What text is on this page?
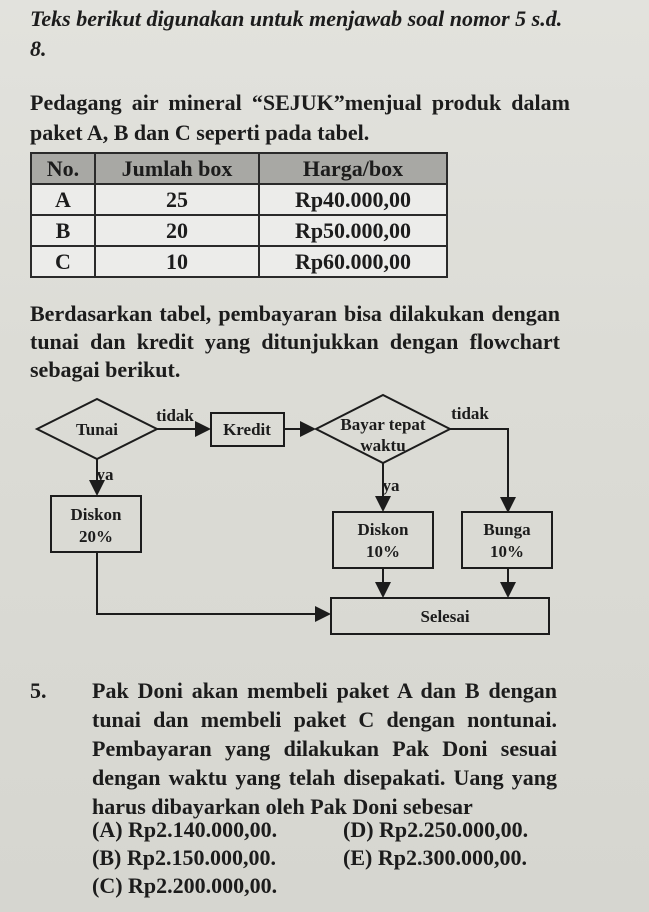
Teks berikut digunakan untuk menjawab soal nomor 5 s.d. 8.
Pedagang air mineral “SEJUK”menjual produk dalam paket A, B dan C seperti pada tabel.
No.	Jumlah box	Harga/box
A	25	Rp40.000,00
B	20	Rp50.000,00
C	10	Rp60.000,00
Berdasarkan tabel, pembayaran bisa dilakukan dengan tunai dan kredit yang ditunjukkan dengan flowchart sebagai berikut.
Tunai
tidak
Kredit	Bayar tepat
waktu
tidak
ya
ya
Diskon
20%	Diskon
10%
Bunga
10%
Selesai
5. Pak Doni akan membeli paket A dan B dengan tunai dan membeli paket C dengan nontunai. Pembayaran yang dilakukan Pak Doni sesuai dengan waktu yang telah disepakati. Uang yang harus dibayarkan oleh Pak Doni sebesar
(A) Rp2.140.000,00.
(B) Rp2.150.000,00.
(C) Rp2.200.000,00.
(D) Rp2.250.000,00.
(E) Rp2.300.000,00.
